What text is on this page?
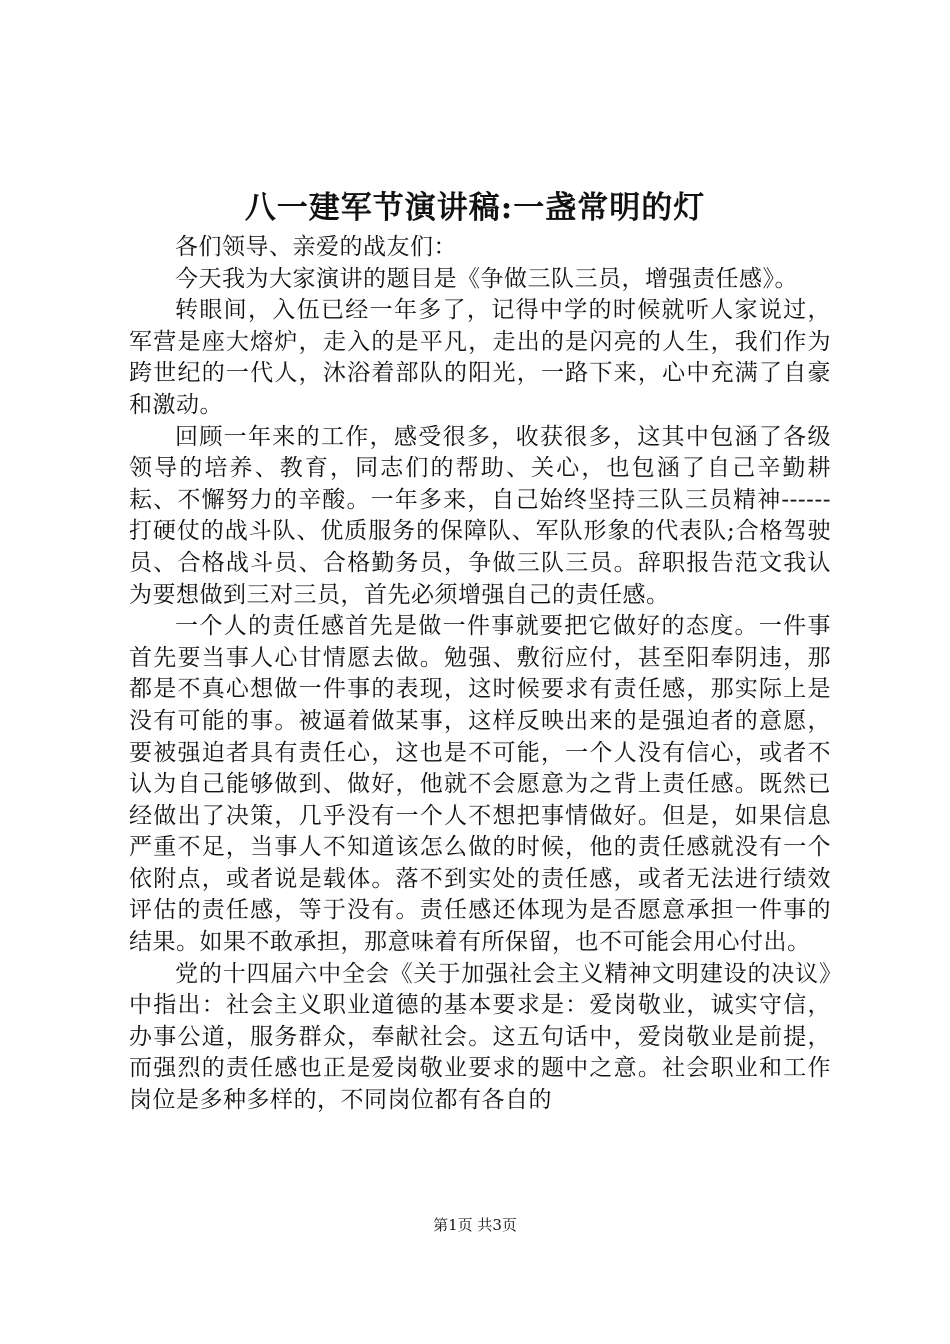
八一建军节演讲稿:一盏常明的灯

各们领导、亲爱的战友们：

今天我为大家演讲的题目是《争做三队三员，增强责任感》。

转眼间，入伍已经一年多了，记得中学的时候就听人家说过，军营是座大熔炉，走入的是平凡，走出的是闪亮的人生，我们作为跨世纪的一代人，沐浴着部队的阳光，一路下来，心中充满了自豪和激动。

回顾一年来的工作，感受很多，收获很多，这其中包涵了各级领导的培养、教育，同志们的帮助、关心，也包涵了自己辛勤耕耘、不懈努力的辛酸。一年多来，自己始终坚持三队三员精神------打硬仗的战斗队、优质服务的保障队、军队形象的代表队;合格驾驶员、合格战斗员、合格勤务员，争做三队三员。辞职报告范文我认为要想做到三对三员，首先必须增强自己的责任感。

一个人的责任感首先是做一件事就要把它做好的态度。一件事首先要当事人心甘情愿去做。勉强、敷衍应付，甚至阳奉阴违，那都是不真心想做一件事的表现，这时候要求有责任感，那实际上是没有可能的事。被逼着做某事，这样反映出来的是强迫者的意愿，要被强迫者具有责任心，这也是不可能，一个人没有信心，或者不认为自己能够做到、做好，他就不会愿意为之背上责任感。既然已经做出了决策，几乎没有一个人不想把事情做好。但是，如果信息严重不足，当事人不知道该怎么做的时候，他的责任感就没有一个依附点，或者说是载体。落不到实处的责任感，或者无法进行绩效评估的责任感，等于没有。责任感还体现为是否愿意承担一件事的结果。如果不敢承担，那意味着有所保留，也不可能会用心付出。

党的十四届六中全会《关于加强社会主义精神文明建设的决议》中指出：社会主义职业道德的基本要求是：爱岗敬业，诚实守信，办事公道，服务群众，奉献社会。这五句话中，爱岗敬业是前提，而强烈的责任感也正是爱岗敬业要求的题中之意。社会职业和工作岗位是多种多样的，不同岗位都有各自的

第1页 共3页
